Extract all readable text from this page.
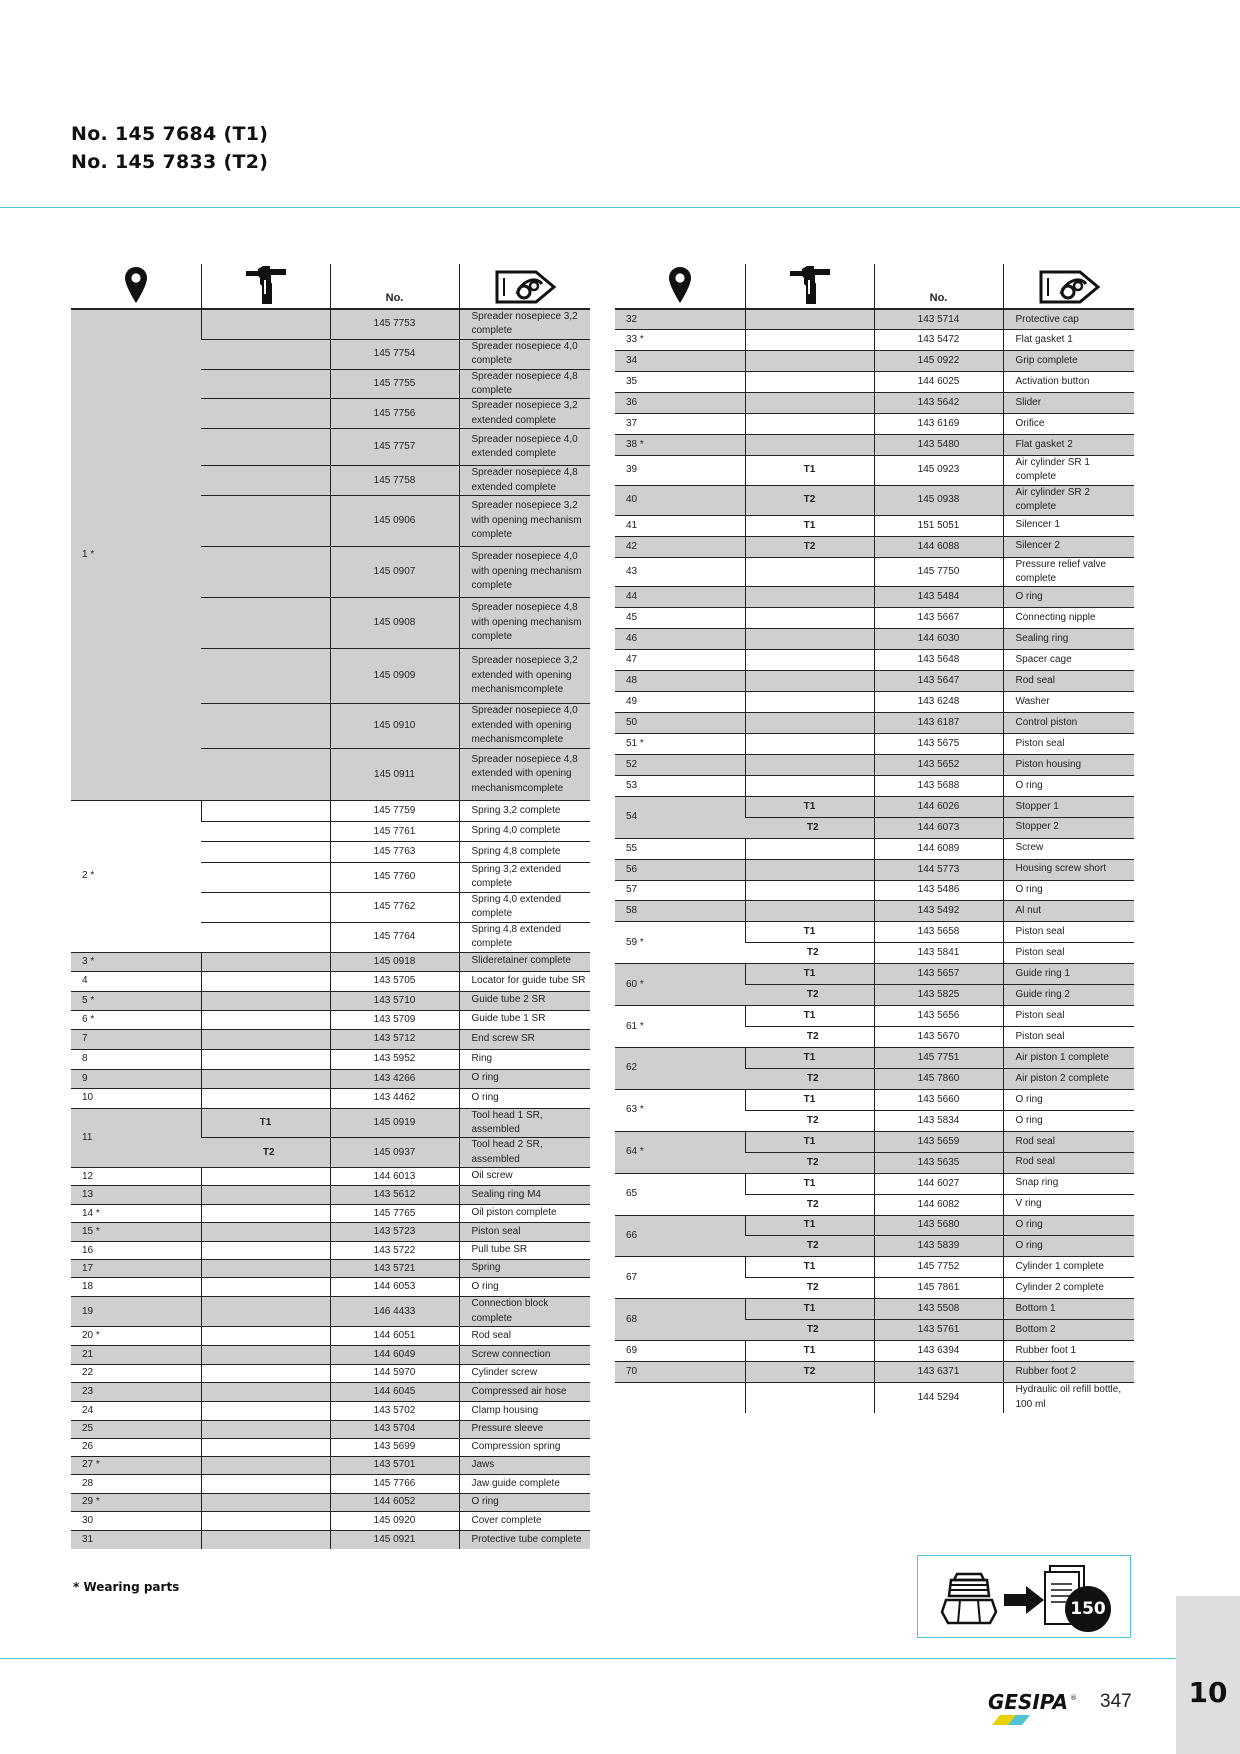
No. 145 7684 (T1)
No. 145 7833 (T2)
		No.	
1 *		145 7753	Spreader nosepiece 3,2 complete
		145 7754	Spreader nosepiece 4,0 complete
		145 7755	Spreader nosepiece 4,8 complete
		145 7756	Spreader nosepiece 3,2 extended complete
		145 7757	Spreader nosepiece 4,0 extended complete
		145 7758	Spreader nosepiece 4,8 extended complete
		145 0906	Spreader nosepiece 3,2 with opening mechanism complete
		145 0907	Spreader nosepiece 4,0 with opening mechanism complete
		145 0908	Spreader nosepiece 4,8 with opening mechanism complete
		145 0909	Spreader nosepiece 3,2 extended with opening mechanismcomplete
		145 0910	Spreader nosepiece 4,0 extended with opening mechanismcomplete
		145 0911	Spreader nosepiece 4,8 extended with opening mechanismcomplete
2 *		145 7759	Spring 3,2 complete
		145 7761	Spring 4,0 complete
		145 7763	Spring 4,8 complete
		145 7760	Spring 3,2 extended complete
		145 7762	Spring 4,0 extended complete
		145 7764	Spring 4,8 extended complete
3 *		145 0918	Slideretainer complete
4		143 5705	Locator for guide tube SR
5 *		143 5710	Guide tube 2 SR
6 *		143 5709	Guide tube 1 SR
7		143 5712	End screw SR
8		143 5952	Ring
9		143 4266	O ring
10		143 4462	O ring
11	T1	145 0919	Tool head 1 SR, assembled
	T2	145 0937	Tool head 2 SR, assembled
12		144 6013	Oil screw
13		143 5612	Sealing ring M4
14 *		145 7765	Oil piston complete
15 *		143 5723	Piston seal
16		143 5722	Pull tube SR
17		143 5721	Spring
18		144 6053	O ring
19		146 4433	Connection block complete
20 *		144 6051	Rod seal
21		144 6049	Screw connection
22		144 5970	Cylinder screw
23		144 6045	Compressed air hose
24		143 5702	Clamp housing
25		143 5704	Pressure sleeve
26		143 5699	Compression spring
27 *		143 5701	Jaws
28		145 7766	Jaw guide complete
29 *		144 6052	O ring
30		145 0920	Cover complete
31		145 0921	Protective tube complete
		No.	
32		143 5714	Protective cap
33 *		143 5472	Flat gasket 1
34		145 0922	Grip complete
35		144 6025	Activation button
36		143 5642	Slider
37		143 6169	Orifice
38 *		143 5480	Flat gasket 2
39	T1	145 0923	Air cylinder SR 1 complete
40	T2	145 0938	Air cylinder SR 2 complete
41	T1	151 5051	Silencer 1
42	T2	144 6088	Silencer 2
43		145 7750	Pressure relief valve complete
44		143 5484	O ring
45		143 5667	Connecting nipple
46		144 6030	Sealing ring
47		143 5648	Spacer cage
48		143 5647	Rod seal
49		143 6248	Washer
50		143 6187	Control piston
51 *		143 5675	Piston seal
52		143 5652	Piston housing
53		143 5688	O ring
54	T1	144 6026	Stopper 1
	T2	144 6073	Stopper 2
55		144 6089	Screw
56		144 5773	Housing screw short
57		143 5486	O ring
58		143 5492	Al nut
59 *	T1	143 5658	Piston seal
	T2	143 5841	Piston seal
60 *	T1	143 5657	Guide ring 1
	T2	143 5825	Guide ring 2
61 *	T1	143 5656	Piston seal
	T2	143 5670	Piston seal
62	T1	145 7751	Air piston 1 complete
	T2	145 7860	Air piston 2 complete
63 *	T1	143 5660	O ring
	T2	143 5834	O ring
64 *	T1	143 5659	Rod seal
	T2	143 5635	Rod seal
65	T1	144 6027	Snap ring
	T2	144 6082	V ring
66	T1	143 5680	O ring
	T2	143 5839	O ring
67	T1	145 7752	Cylinder 1 complete
	T2	145 7861	Cylinder 2 complete
68	T1	143 5508	Bottom 1
	T2	143 5761	Bottom 2
69	T1	143 6394	Rubber foot 1
70	T2	143 6371	Rubber foot 2
		144 5294	Hydraulic oil refill bottle, 100 ml
* Wearing parts
150
10
GESIPA ® 347
